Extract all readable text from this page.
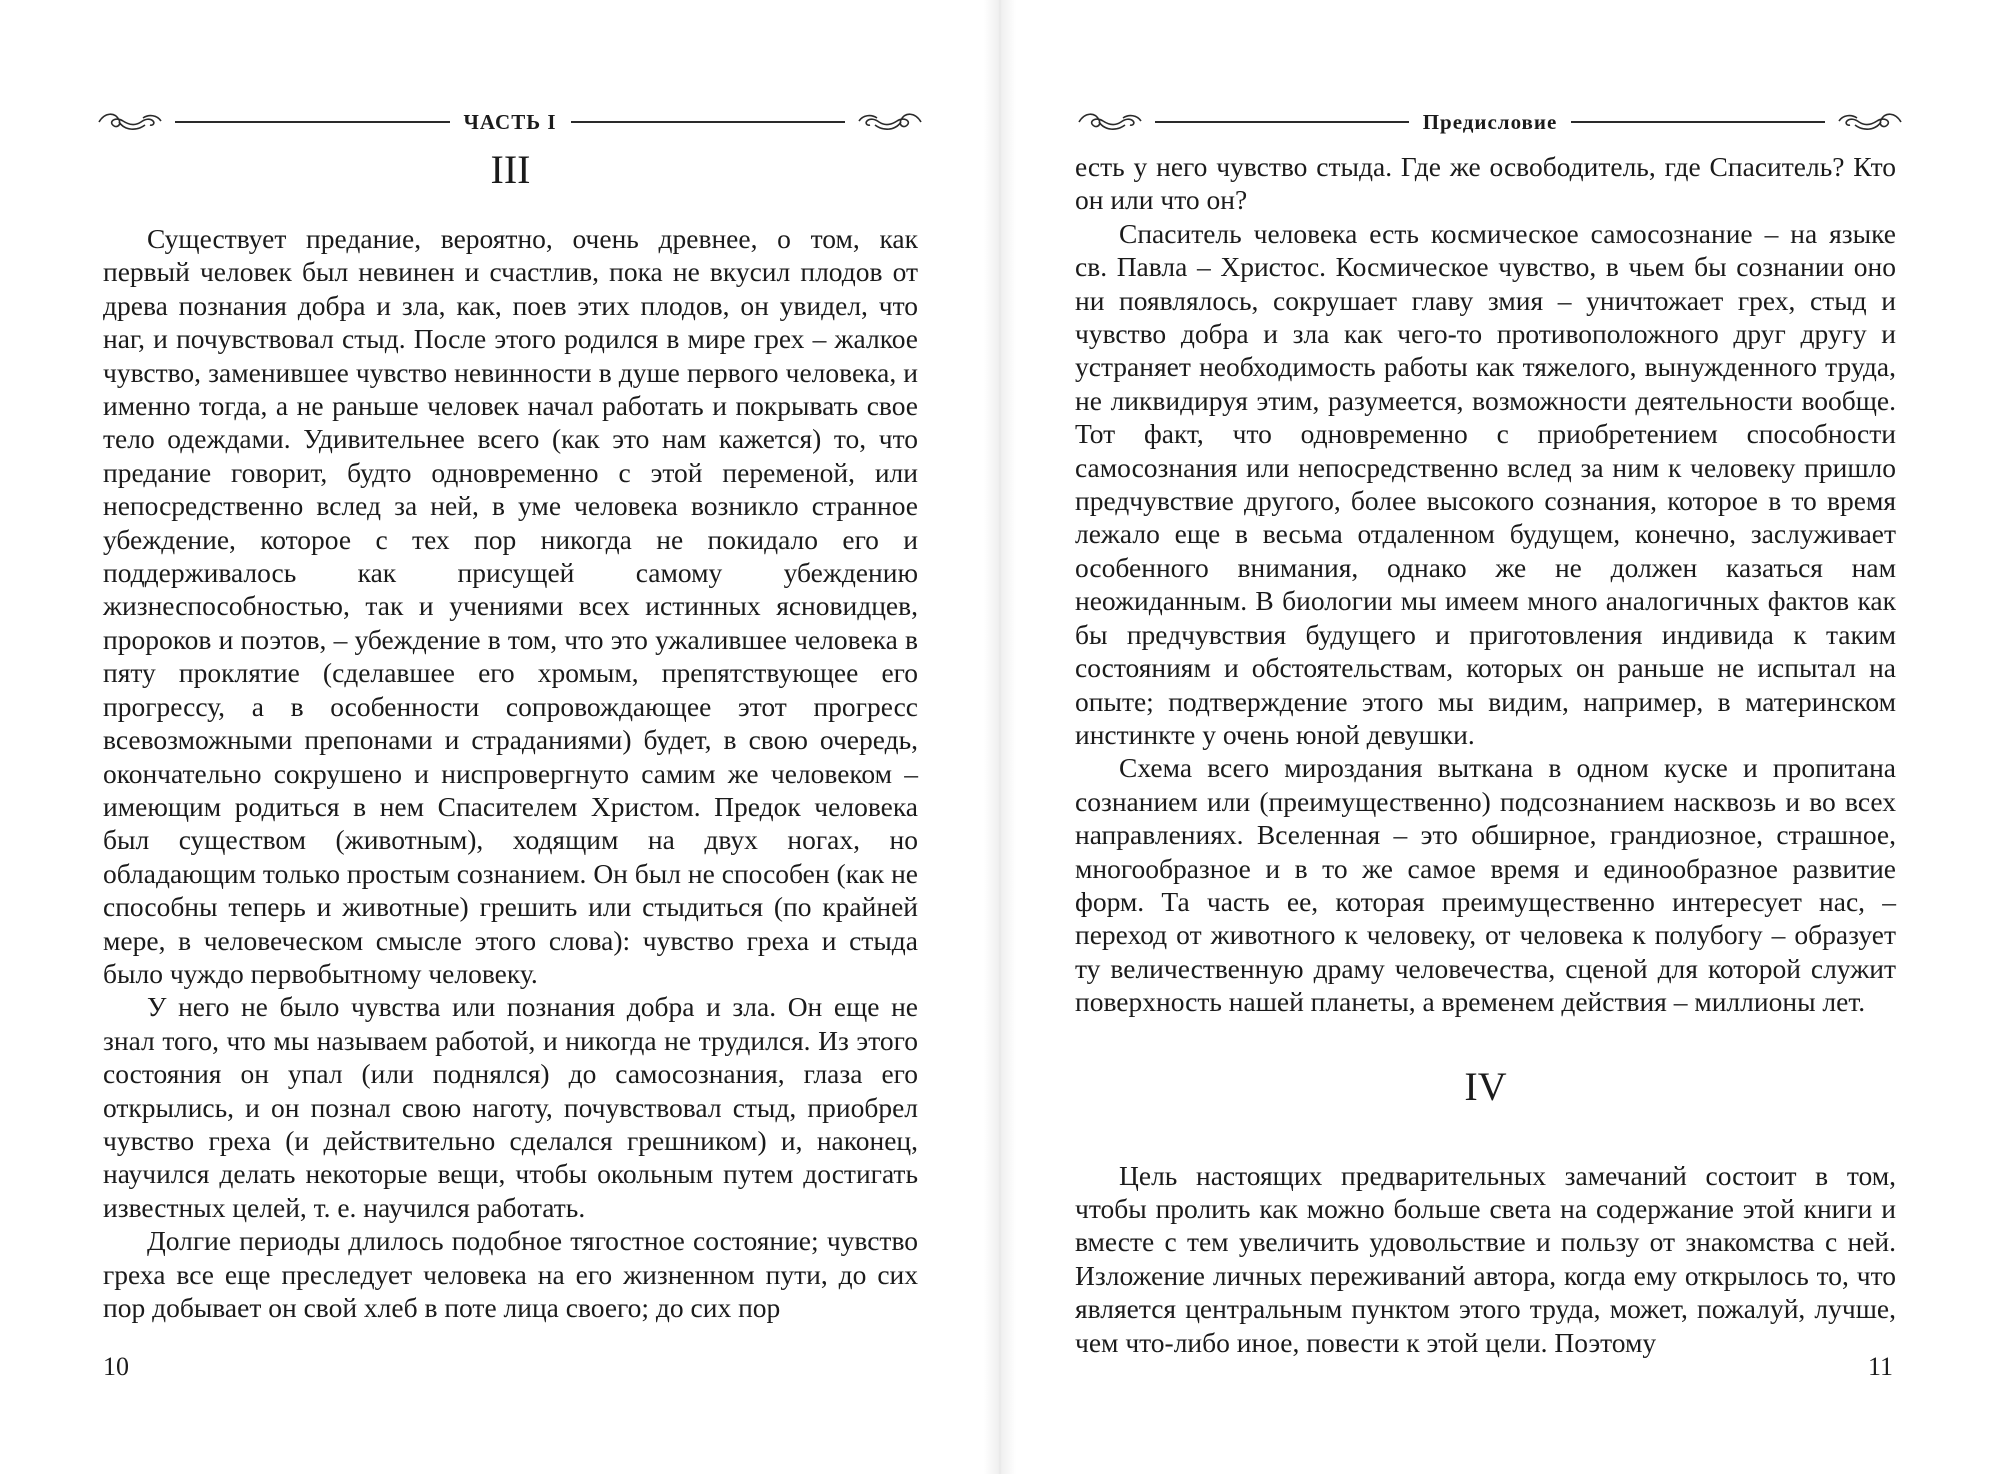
ЧАСТЬ I
III

Существует предание, вероятно, очень древнее, о том, как первый человек был невинен и счастлив, пока не вкусил плодов от древа познания добра и зла, как, поев этих плодов, он увидел, что наг, и почувствовал стыд. После этого родился в мире грех – жалкое чувство, заменившее чувство невинности в душе первого человека, и именно тогда, а не раньше человек начал работать и покрывать свое тело одеждами. Удивительнее всего (как это нам кажется) то, что предание говорит, будто одновременно с этой переменой, или непосредственно вслед за ней, в уме человека возникло странное убеждение, которое с тех пор никогда не покидало его и поддерживалось как присущей самому убеждению жизнеспособностью, так и учениями всех истинных ясновидцев, пророков и поэтов, – убеждение в том, что это ужалившее человека в пяту проклятие (сделавшее его хромым, препятствующее его прогрессу, а в особенности сопровождающее этот прогресс всевозможными препонами и страданиями) будет, в свою очередь, окончательно сокрушено и ниспровергнуто самим же человеком – имеющим родиться в нем Спасителем Христом. Предок человека был существом (животным), ходящим на двух ногах, но обладающим только простым сознанием. Он был не способен (как не способны теперь и животные) грешить или стыдиться (по крайней мере, в человеческом смысле этого слова): чувство греха и стыда было чуждо первобытному человеку.

У него не было чувства или познания добра и зла. Он еще не знал того, что мы называем работой, и никогда не трудился. Из этого состояния он упал (или поднялся) до самосознания, глаза его открылись, и он познал свою наготу, почувствовал стыд, приобрел чувство греха (и действительно сделался грешником) и, наконец, научился делать некоторые вещи, чтобы окольным путем достигать известных целей, т. е. научился работать.

Долгие периоды длилось подобное тягостное состояние; чувство греха все еще преследует человека на его жизненном пути, до сих пор добывает он свой хлеб в поте лица своего; до сих пор

10
Предисловие

есть у него чувство стыда. Где же освободитель, где Спаситель? Кто он или что он?

Спаситель человека есть космическое самосознание – на языке св. Павла – Христос. Космическое чувство, в чьем бы сознании оно ни появлялось, сокрушает главу змия – уничтожает грех, стыд и чувство добра и зла как чего-то противоположного друг другу и устраняет необходимость работы как тяжелого, вынужденного труда, не ликвидируя этим, разумеется, возможности деятельности вообще. Тот факт, что одновременно с приобретением способности самосознания или непосредственно вслед за ним к человеку пришло предчувствие другого, более высокого сознания, которое в то время лежало еще в весьма отдаленном будущем, конечно, заслуживает особенного внимания, однако же не должен казаться нам неожиданным. В биологии мы имеем много аналогичных фактов как бы предчувствия будущего и приготовления индивида к таким состояниям и обстоятельствам, которых он раньше не испытал на опыте; подтверждение этого мы видим, например, в материнском инстинкте у очень юной девушки.

Схема всего мироздания выткана в одном куске и пропитана сознанием или (преимущественно) подсознанием насквозь и во всех направлениях. Вселенная – это обширное, грандиозное, страшное, многообразное и в то же самое время и единообразное развитие форм. Та часть ее, которая преимущественно интересует нас, – переход от животного к человеку, от человека к полубогу – образует ту величественную драму человечества, сценой для которой служит поверхность нашей планеты, а временем действия – миллионы лет.

IV

Цель настоящих предварительных замечаний состоит в том, чтобы пролить как можно больше света на содержание этой книги и вместе с тем увеличить удовольствие и пользу от знакомства с ней. Изложение личных переживаний автора, когда ему открылось то, что является центральным пунктом этого труда, может, пожалуй, лучше, чем что-либо иное, повести к этой цели. Поэтому

11
